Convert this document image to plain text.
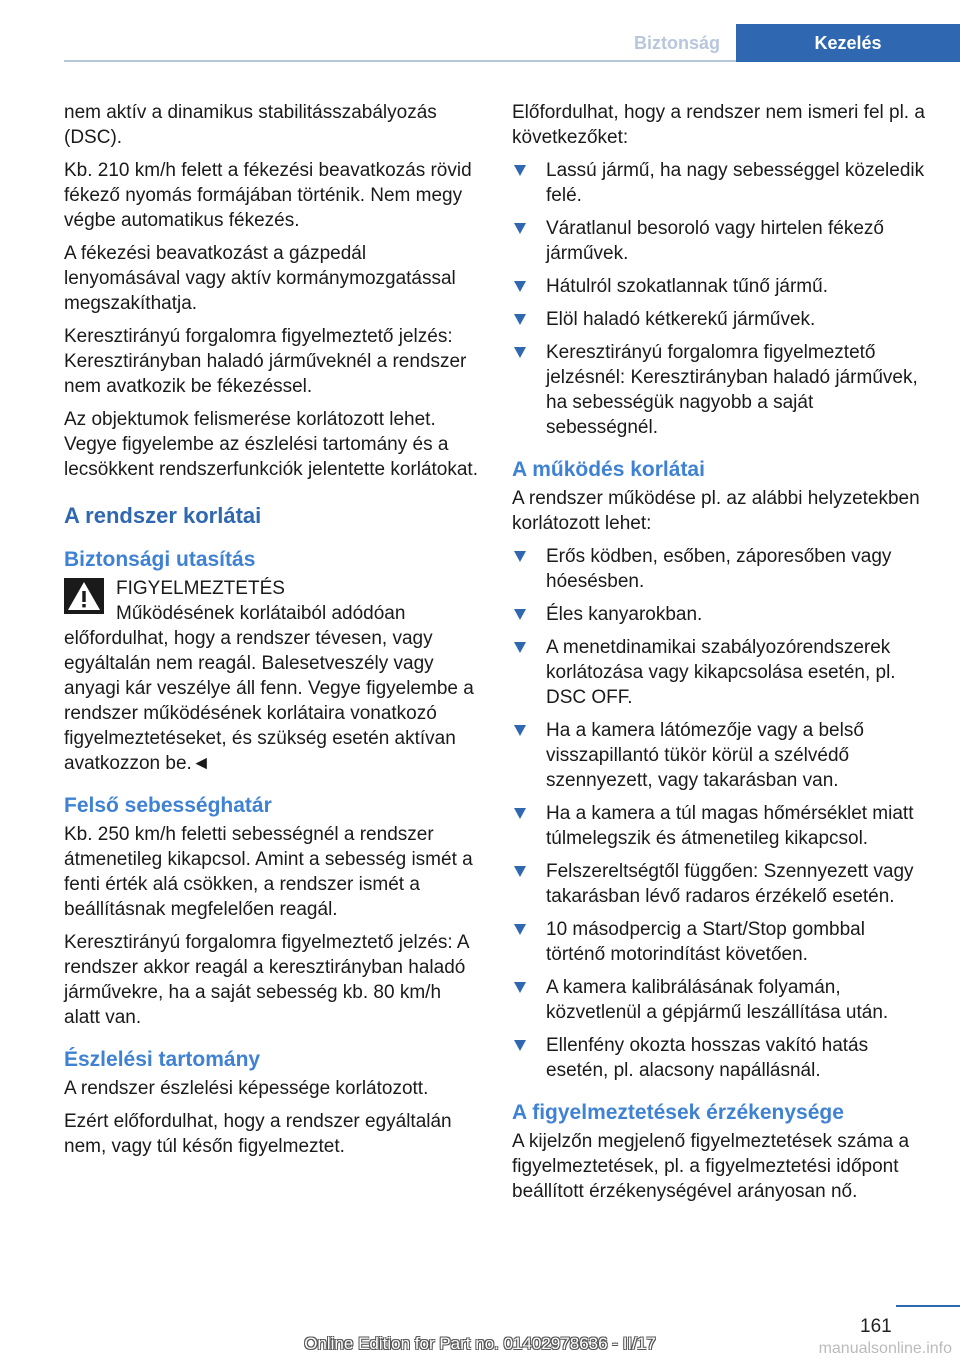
Biztonság	Kezelés

nem aktív a dinamikus stabilitásszabályozás (DSC).

Kb. 210 km/h felett a fékezési beavatkozás rövid fékező nyomás formájában történik. Nem megy végbe automatikus fékezés.

A fékezési beavatkozást a gázpedál lenyomásával vagy aktív kormánymozgatással megszakíthatja.

Keresztirányú forgalomra figyelmeztető jelzés: Keresztirányban haladó járműveknél a rendszer nem avatkozik be fékezéssel.

Az objektumok felismerése korlátozott lehet. Vegye figyelembe az észlelési tartomány és a lecsökkent rendszerfunkciók jelentette korlátokat.

A rendszer korlátai
Biztonsági utasítás
FIGYELMEZTETÉS

Működésének korlátaiból adódóan előfordulhat, hogy a rendszer tévesen, vagy egyáltalán nem reagál. Balesetveszély vagy anyagi kár veszélye áll fenn. Vegye figyelembe a rendszer működésének korlátaira vonatkozó figyelmeztetéseket, és szükség esetén aktívan avatkozzon be.◄

Felső sebességhatár

Kb. 250 km/h feletti sebességnél a rendszer átmenetileg kikapcsol. Amint a sebesség ismét a fenti érték alá csökken, a rendszer ismét a beállításnak megfelelően reagál.

Keresztirányú forgalomra figyelmeztető jelzés: A rendszer akkor reagál a keresztirányban haladó járművekre, ha a saját sebesség kb. 80 km/h alatt van.

Észlelési tartomány

A rendszer észlelési képessége korlátozott.

Ezért előfordulhat, hogy a rendszer egyáltalán nem, vagy túl későn figyelmeztet.

Előfordulhat, hogy a rendszer nem ismeri fel pl. a következőket:

Lassú jármű, ha nagy sebességgel közeledik felé.
Váratlanul besoroló vagy hirtelen fékező járművek.
Hátulról szokatlannak tűnő jármű.
Elöl haladó kétkerekű járművek.
Keresztirányú forgalomra figyelmeztető jelzésnél: Keresztirányban haladó járművek, ha sebességük nagyobb a saját sebességnél.
A működés korlátai

A rendszer működése pl. az alábbi helyzetekben korlátozott lehet:

Erős ködben, esőben, záporesőben vagy hóesésben.
Éles kanyarokban.
A menetdinamikai szabályozórendszerek korlátozása vagy kikapcsolása esetén, pl. DSC OFF.
Ha a kamera látómezője vagy a belső visszapillantó tükör körül a szélvédő szennyezett, vagy takarásban van.
Ha a kamera a túl magas hőmérséklet miatt túlmelegszik és átmenetileg kikapcsol.
Felszereltségtől függően: Szennyezett vagy takarásban lévő radaros érzékelő esetén.
10 másodpercig a Start/Stop gombbal történő motorindítást követően.
A kamera kalibrálásának folyamán, közvetlenül a gépjármű leszállítása után.
Ellenfény okozta hosszas vakító hatás esetén, pl. alacsony napállásnál.
A figyelmeztetések érzékenysége

A kijelzőn megjelenő figyelmeztetések száma a figyelmeztetések, pl. a figyelmeztetési időpont beállított érzékenységével arányosan nő.

161
Online Edition for Part no. 01402978636 - II/17	manualsonline.info
